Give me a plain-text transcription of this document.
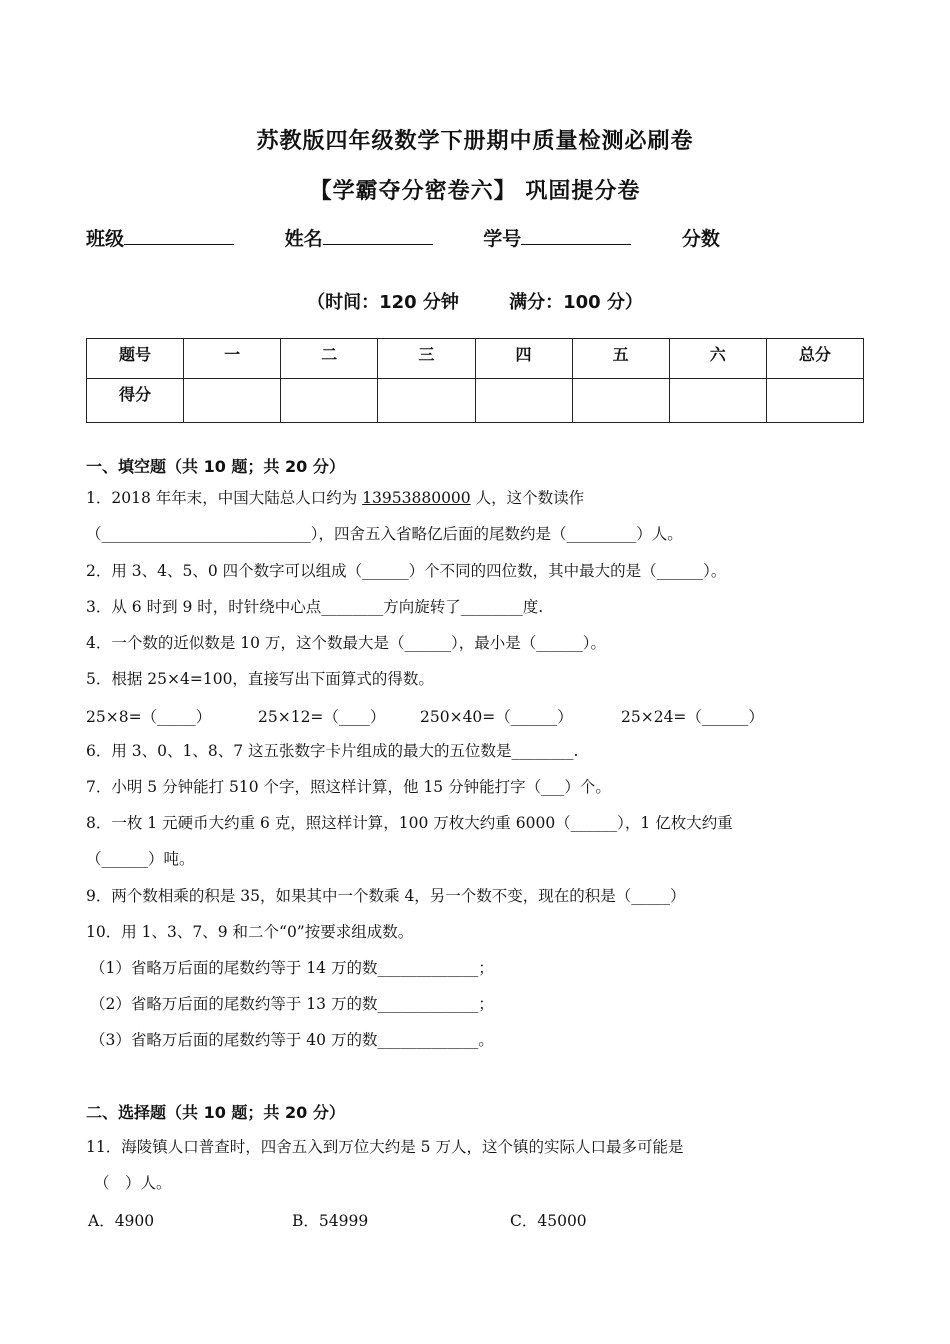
苏教版四年级数学下册期中质量检测必刷卷
【学霸夺分密卷六】 巩固提分卷
班级	姓名	学号	分数
（时间：120 分钟        满分：100 分）
题号	一	二	三	四	五	六	总分
得分							
一、填空题（共 10 题；共 20 分）
1．2018 年年末，中国大陆总人口约为 13953880000 人，这个数读作
（___________________________），四舍五入省略亿后面的尾数约是（_________）人。
2．用 3、4、5、0 四个数字可以组成（______）个不同的四位数，其中最大的是（______）。
3．从 6 时到 9 时，时针绕中心点________方向旋转了________度.
4．一个数的近似数是 10 万，这个数最大是（______），最小是（______）。
5．根据 25×4=100，直接写出下面算式的得数。
25×8=（_____）	25×12=（____） 250×40=（______）	25×24=（______）
6．用 3、0、1、8、7 这五张数字卡片组成的最大的五位数是________.
7．小明 5 分钟能打 510 个字，照这样计算，他 15 分钟能打字（___）个。
8．一枚 1 元硬币大约重 6 克，照这样计算，100 万枚大约重 6000（______），1 亿枚大约重
（______）吨。
9．两个数相乘的积是 35，如果其中一个数乘 4，另一个数不变，现在的积是（_____）
10．用 1、3、7、9 和二个“0”按要求组成数。
（1）省略万后面的尾数约等于 14 万的数_____________；
（2）省略万后面的尾数约等于 13 万的数_____________；
（3）省略万后面的尾数约等于 40 万的数_____________。
二、选择题（共 10 题；共 20 分）
11．海陵镇人口普查时，四舍五入到万位大约是 5 万人，这个镇的实际人口最多可能是
（　）人。
A．4900	B．54999	C．45000
